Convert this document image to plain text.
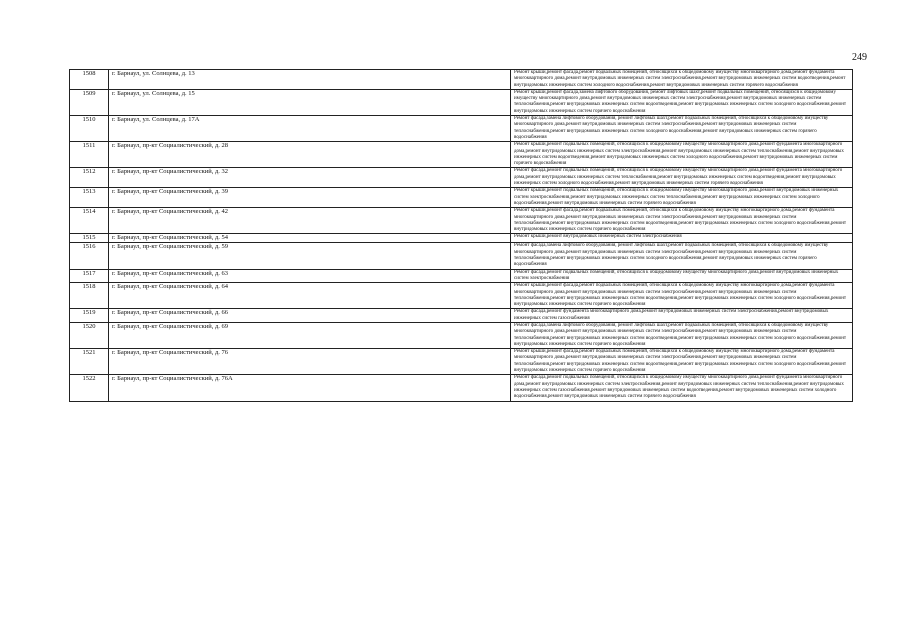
249
1508	г. Барнаул, ул. Солнцева, д. 13	Ремонт крыши,ремонт фасада,ремонт подвальных помещений, относящихся к общедомовому имуществу многоквартирного дома,ремонт фундамента многоквартирного дома,ремонт внутридомовых инженерных систем электроснабжения,ремонт внутридомовых инженерных систем водоотведения,ремонт внутридомовых инженерных систем холодного водоснабжения,ремонт внутридомовых инженерных систем горячего водоснабжения
1509	г. Барнаул, ул. Солнцева, д. 15	Ремонт крыши,ремонт фасада,замена лифтового оборудования, ремонт лифтовых шахт,ремонт подвальных помещений, относящихся к общедомовому имуществу многоквартирного дома,ремонт внутридомовых инженерных систем электроснабжения,ремонт внутридомовых инженерных систем теплоснабжения,ремонт внутридомовых инженерных систем водоотведения,ремонт внутридомовых инженерных систем холодного водоснабжения,ремонт внутридомовых инженерных систем горячего водоснабжения
1510	г. Барнаул, ул. Солнцева, д. 17А	Ремонт фасада,замена лифтового оборудования, ремонт лифтовых шахт,ремонт подвальных помещений, относящихся к общедомовому имуществу многоквартирного дома,ремонт внутридомовых инженерных систем электроснабжения,ремонт внутридомовых инженерных систем теплоснабжения,ремонт внутридомовых инженерных систем холодного водоснабжения,ремонт внутридомовых инженерных систем горячего водоснабжения
1511	г. Барнаул, пр-кт Социалистический, д. 28	Ремонт крыши,ремонт подвальных помещений, относящихся к общедомовому имуществу многоквартирного дома,ремонт фундамента многоквартирного дома,ремонт внутридомовых инженерных систем электроснабжения,ремонт внутридомовых инженерных систем теплоснабжения,ремонт внутридомовых инженерных систем водоотведения,ремонт внутридомовых инженерных систем холодного водоснабжения,ремонт внутридомовых инженерных систем горячего водоснабжения
1512	г. Барнаул, пр-кт Социалистический, д. 32	Ремонт фасада,ремонт подвальных помещений, относящихся к общедомовому имуществу многоквартирного дома,ремонт фундамента многоквартирного дома,ремонт внутридомовых инженерных систем теплоснабжения,ремонт внутридомовых инженерных систем водоотведения,ремонт внутридомовых инженерных систем холодного водоснабжения,ремонт внутридомовых инженерных систем горячего водоснабжения
1513	г. Барнаул, пр-кт Социалистический, д. 39	Ремонт крыши,ремонт подвальных помещений, относящихся к общедомовому имуществу многоквартирного дома,ремонт внутридомовых инженерных систем электроснабжения,ремонт внутридомовых инженерных систем теплоснабжения,ремонт внутридомовых инженерных систем холодного водоснабжения,ремонт внутридомовых инженерных систем горячего водоснабжения
1514	г. Барнаул, пр-кт Социалистический, д. 42	Ремонт крыши,ремонт фасада,ремонт подвальных помещений, относящихся к общедомовому имуществу многоквартирного дома,ремонт фундамента многоквартирного дома,ремонт внутридомовых инженерных систем электроснабжения,ремонт внутридомовых инженерных систем теплоснабжения,ремонт внутридомовых инженерных систем водоотведения,ремонт внутридомовых инженерных систем холодного водоснабжения,ремонт внутридомовых инженерных систем горячего водоснабжения
1515	г. Барнаул, пр-кт Социалистический, д. 54	Ремонт крыши,ремонт внутридомовых инженерных систем электроснабжения
1516	г. Барнаул, пр-кт Социалистический, д. 59	Ремонт фасада,замена лифтового оборудования, ремонт лифтовых шахт,ремонт подвальных помещений, относящихся к общедомовому имуществу многоквартирного дома,ремонт внутридомовых инженерных систем электроснабжения,ремонт внутридомовых инженерных систем теплоснабжения,ремонт внутридомовых инженерных систем холодного водоснабжения,ремонт внутридомовых инженерных систем горячего водоснабжения
1517	г. Барнаул, пр-кт Социалистический, д. 63	Ремонт фасада,ремонт подвальных помещений, относящихся к общедомовому имуществу многоквартирного дома,ремонт внутридомовых инженерных систем электроснабжения
1518	г. Барнаул, пр-кт Социалистический, д. 64	Ремонт крыши,ремонт фасада,ремонт подвальных помещений, относящихся к общедомовому имуществу многоквартирного дома,ремонт фундамента многоквартирного дома,ремонт внутридомовых инженерных систем электроснабжения,ремонт внутридомовых инженерных систем теплоснабжения,ремонт внутридомовых инженерных систем водоотведения,ремонт внутридомовых инженерных систем холодного водоснабжения,ремонт внутридомовых инженерных систем горячего водоснабжения
1519	г. Барнаул, пр-кт Социалистический, д. 66	Ремонт фасада,ремонт фундамента многоквартирного дома,ремонт внутридомовых инженерных систем электроснабжения,ремонт внутридомовых инженерных систем газоснабжения
1520	г. Барнаул, пр-кт Социалистический, д. 69	Ремонт фасада,замена лифтового оборудования, ремонт лифтовых шахт,ремонт подвальных помещений, относящихся к общедомовому имуществу многоквартирного дома,ремонт внутридомовых инженерных систем электроснабжения,ремонт внутридомовых инженерных систем теплоснабжения,ремонт внутридомовых инженерных систем водоотведения,ремонт внутридомовых инженерных систем холодного водоснабжения,ремонт внутридомовых инженерных систем горячего водоснабжения
1521	г. Барнаул, пр-кт Социалистический, д. 76	Ремонт крыши,ремонт фасада,ремонт подвальных помещений, относящихся к общедомовому имуществу многоквартирного дома,ремонт фундамента многоквартирного дома,ремонт внутридомовых инженерных систем электроснабжения,ремонт внутридомовых инженерных систем теплоснабжения,ремонт внутридомовых инженерных систем водоотведения,ремонт внутридомовых инженерных систем холодного водоснабжения,ремонт внутридомовых инженерных систем горячего водоснабжения
1522	г. Барнаул, пр-кт Социалистический, д. 76А	Ремонт фасада,ремонт подвальных помещений, относящихся к общедомовому имуществу многоквартирного дома,ремонт фундамента многоквартирного дома,ремонт внутридомовых инженерных систем электроснабжения,ремонт внутридомовых инженерных систем теплоснабжения,ремонт внутридомовых инженерных систем газоснабжения,ремонт внутридомовых инженерных систем водоотведения,ремонт внутридомовых инженерных систем холодного водоснабжения,ремонт внутридомовых инженерных систем горячего водоснабжения
